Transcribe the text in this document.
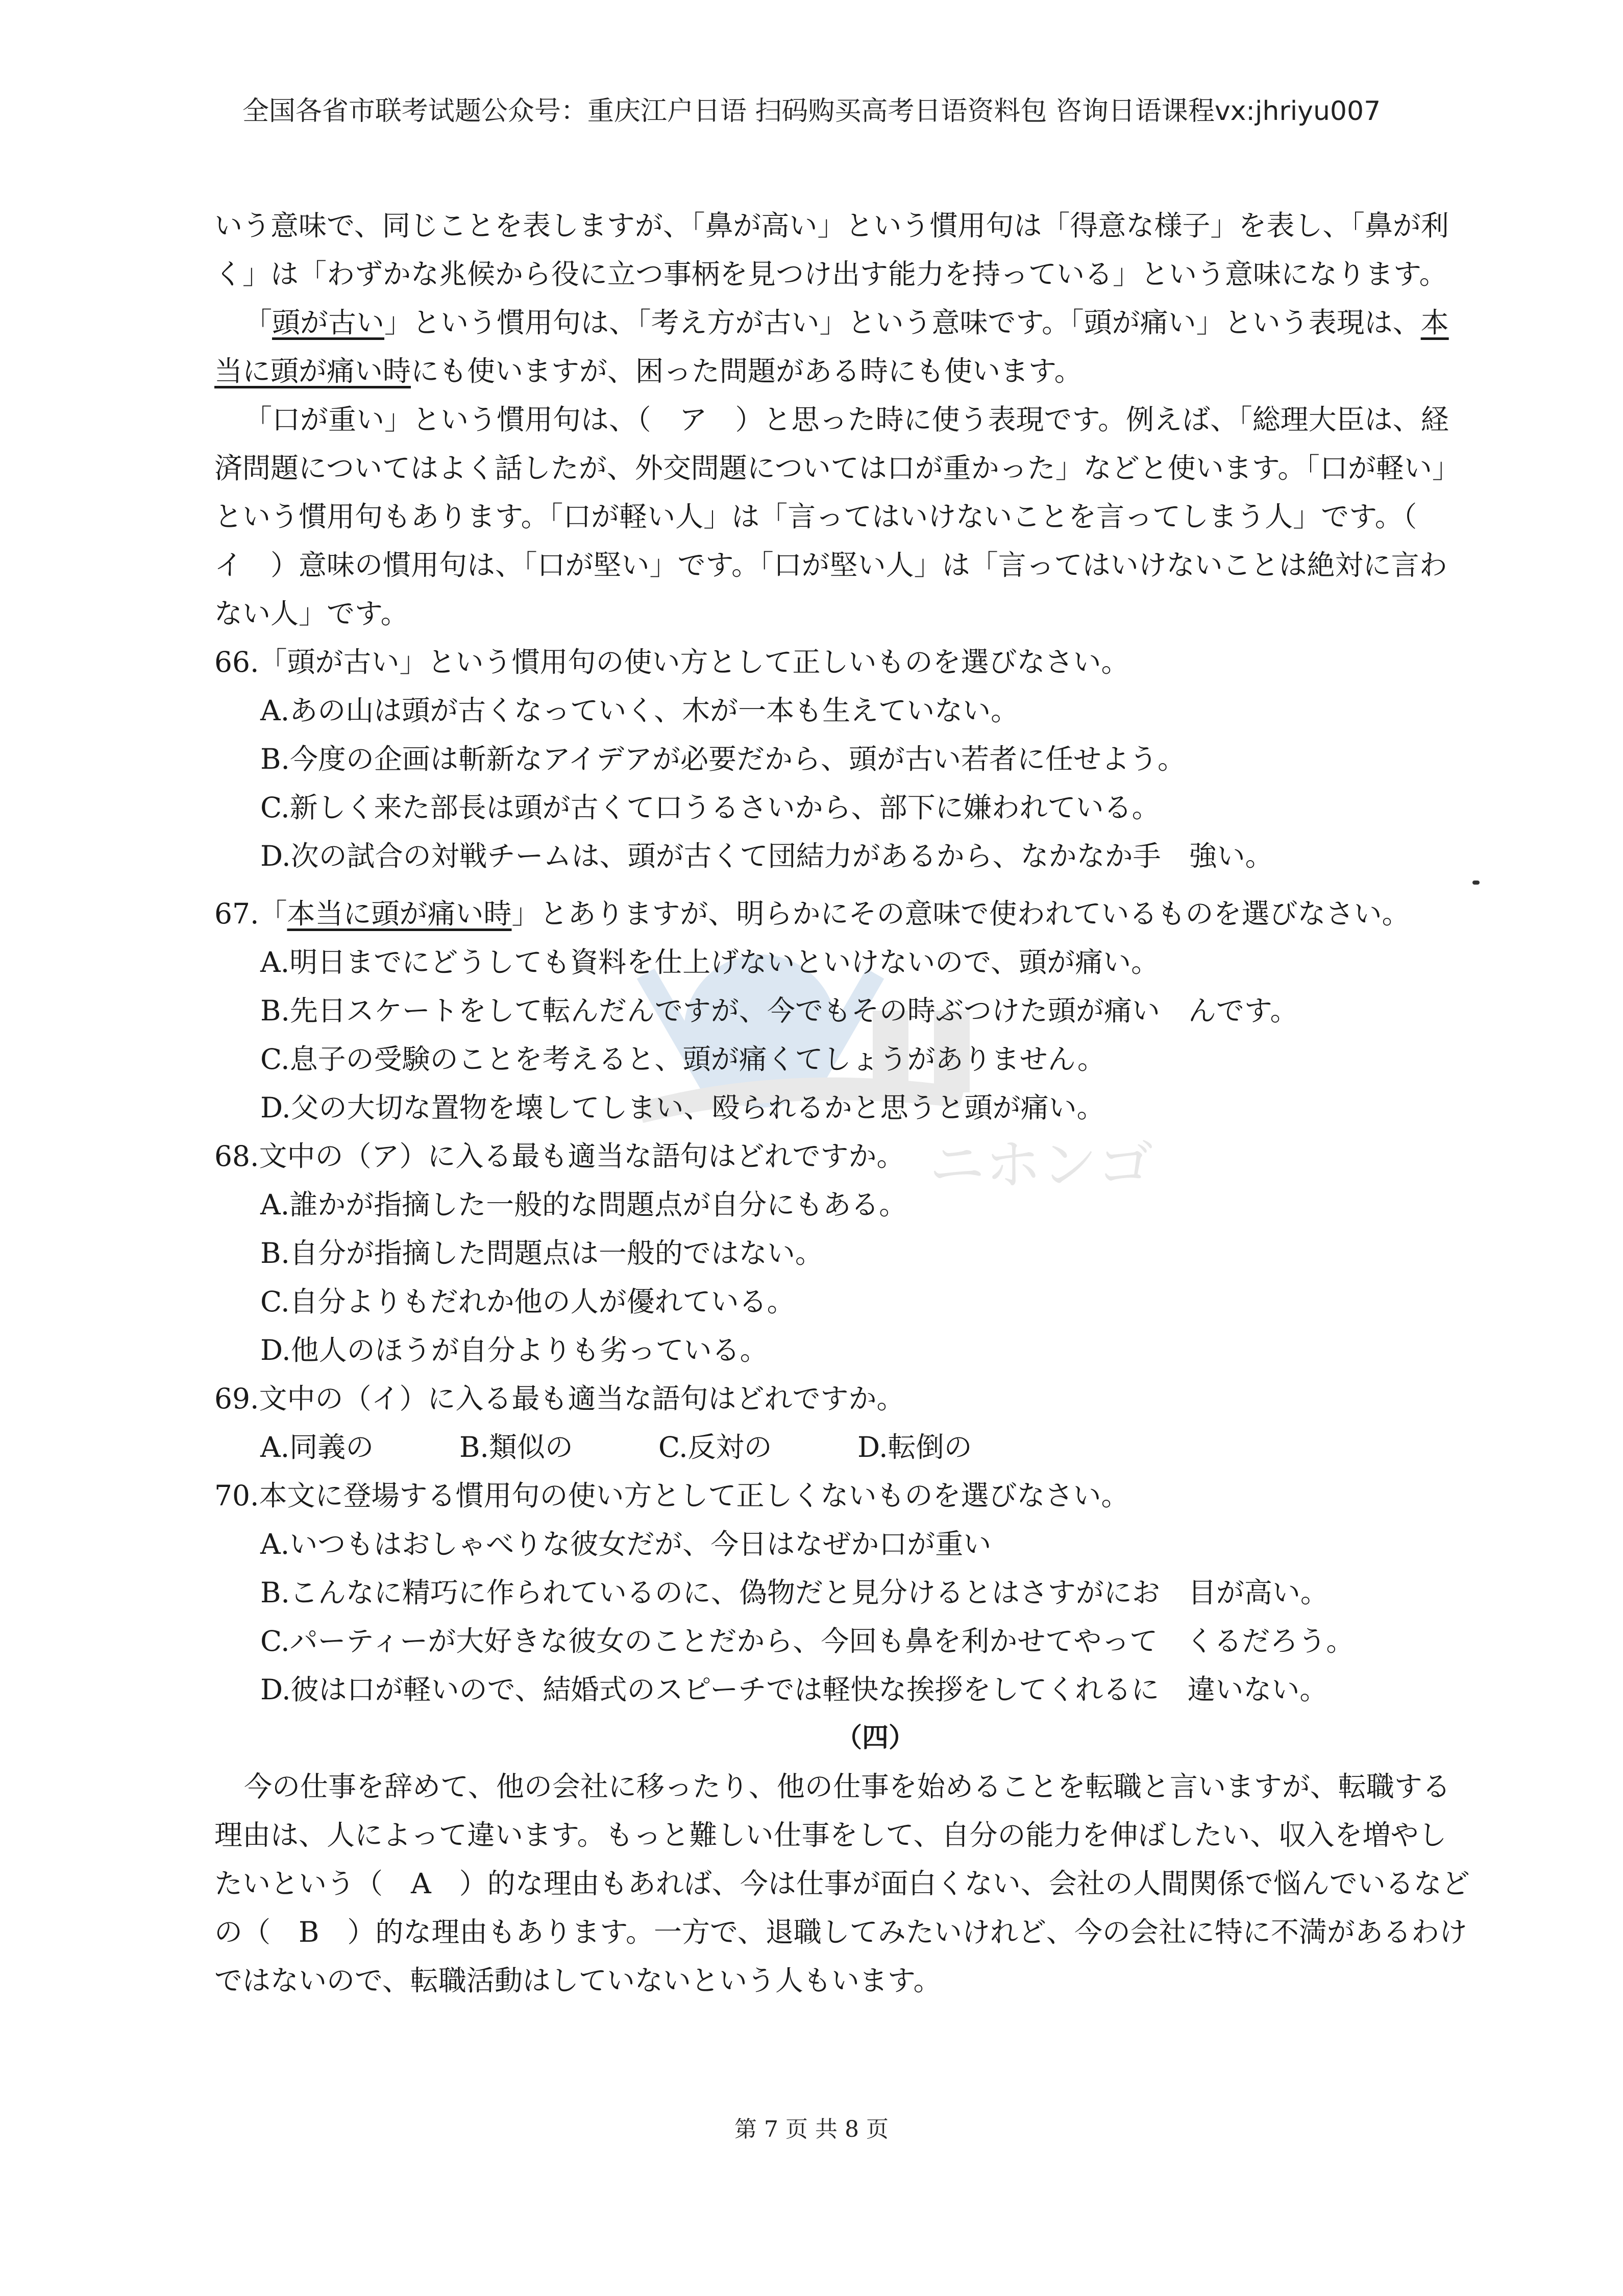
全国各省市联考试题公众号：重庆江户日语 扫码购买高考日语资料包 咨询日语课程vx:jhriyu007
ニホンゴ

いう意味で、同じことを表しますが、「鼻が高い」という慣用句は「得意な様子」を表し、「鼻が利く」は「わずかな兆候から役に立つ事柄を見つけ出す能力を持っている」という意味になります。

「頭が古い」という慣用句は、「考え方が古い」という意味です。「頭が痛い」という表現は、本当に頭が痛い時にも使いますが、困った問題がある時にも使います。

「口が重い」という慣用句は、（　ア　）と思った時に使う表現です。例えば、「総理大臣は、経済問題についてはよく話したが、外交問題については口が重かった」などと使います。「口が軽い」という慣用句もあります。「口が軽い人」は「言ってはいけないことを言ってしまう人」です。（　イ　）意味の慣用句は、「口が堅い」です。「口が堅い人」は「言ってはいけないことは絶対に言わない人」です。

66.「頭が古い」という慣用句の使い方として正しいものを選びなさい。

A.あの山は頭が古くなっていく、木が一本も生えていない。

B.今度の企画は斬新なアイデアが必要だから、頭が古い若者に任せよう。

C.新しく来た部長は頭が古くて口うるさいから、部下に嫌われている。

D.次の試合の対戦チームは、頭が古くて団結力があるから、なかなか手　強い。

67.「本当に頭が痛い時」とありますが、明らかにその意味で使われているものを選びなさい。

A.明日までにどうしても資料を仕上げないといけないので、頭が痛い。

B.先日スケートをして転んだんですが、今でもその時ぶつけた頭が痛い　んです。

C.息子の受験のことを考えると、頭が痛くてしょうがありません。

D.父の大切な置物を壊してしまい、殴られるかと思うと頭が痛い。

68.文中の（ア）に入る最も適当な語句はどれですか。

A.誰かが指摘した一般的な問題点が自分にもある。

B.自分が指摘した問題点は一般的ではない。

C.自分よりもだれか他の人が優れている。

D.他人のほうが自分よりも劣っている。

69.文中の（イ）に入る最も適当な語句はどれですか。

A.同義の	B.類似の	C.反対の	D.転倒の

70.本文に登場する慣用句の使い方として正しくないものを選びなさい。

A.いつもはおしゃべりな彼女だが、今日はなぜか口が重い

B.こんなに精巧に作られているのに、偽物だと見分けるとはさすがにお　目が高い。

C.パーティーが大好きな彼女のことだから、今回も鼻を利かせてやって　くるだろう。

D.彼は口が軽いので、結婚式のスピーチでは軽快な挨拶をしてくれるに　違いない。

（四）

今の仕事を辞めて、他の会社に移ったり、他の仕事を始めることを転職と言いますが、転職する理由は、人によって違います。もっと難しい仕事をして、自分の能力を伸ばしたい、収入を増やしたいという（　A　）的な理由もあれば、今は仕事が面白くない、会社の人間関係で悩んでいるなどの（　B　）的な理由もあります。一方で、退職してみたいけれど、今の会社に特に不満があるわけではないので、転職活動はしていないという人もいます。

第 7 页 共 8 页
